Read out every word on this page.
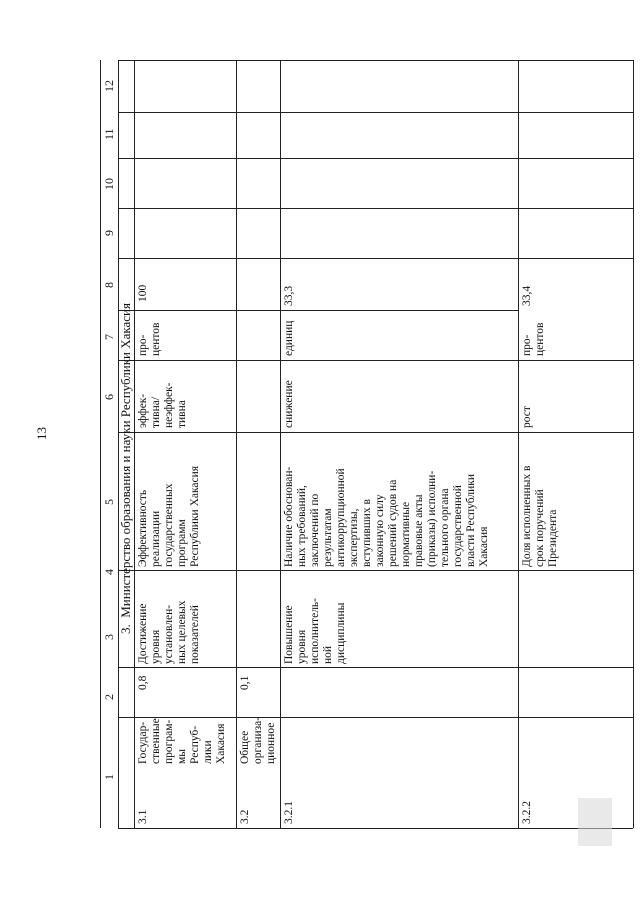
13
1
2
3
4
5
6
7
8
9
10
11
12
3.  Министерство образования и науки Республики Хакасия
3.1
Государ-
ственные
програм-
мы
Респуб-
лики
Хакасия
0,8
Достижение
уровня
установлен-
ных целевых
показателей
Эффективность
реализации
государственных
программ
Республики Хакасия
эффек-
тивна/
неэффек-
тивна
про-
центов
100
3.2
Общее
организа-
ционное
0,1
3.2.1
Повышение
уровня
исполнитель-
ной
дисциплины
Наличие обоснован-
ных требований,
заключений по
результатам
антикоррупционной
экспертизы,
вступивших в
законную силу
решений судов на
нормативные
правовые акты
(приказы) исполни-
тельного органа
государственной
власти Республики
Хакасия
снижение
единиц
33,3
3.2.2
Доля исполненных в
срок поручений
Президента
рост
про-
центов
33,4
